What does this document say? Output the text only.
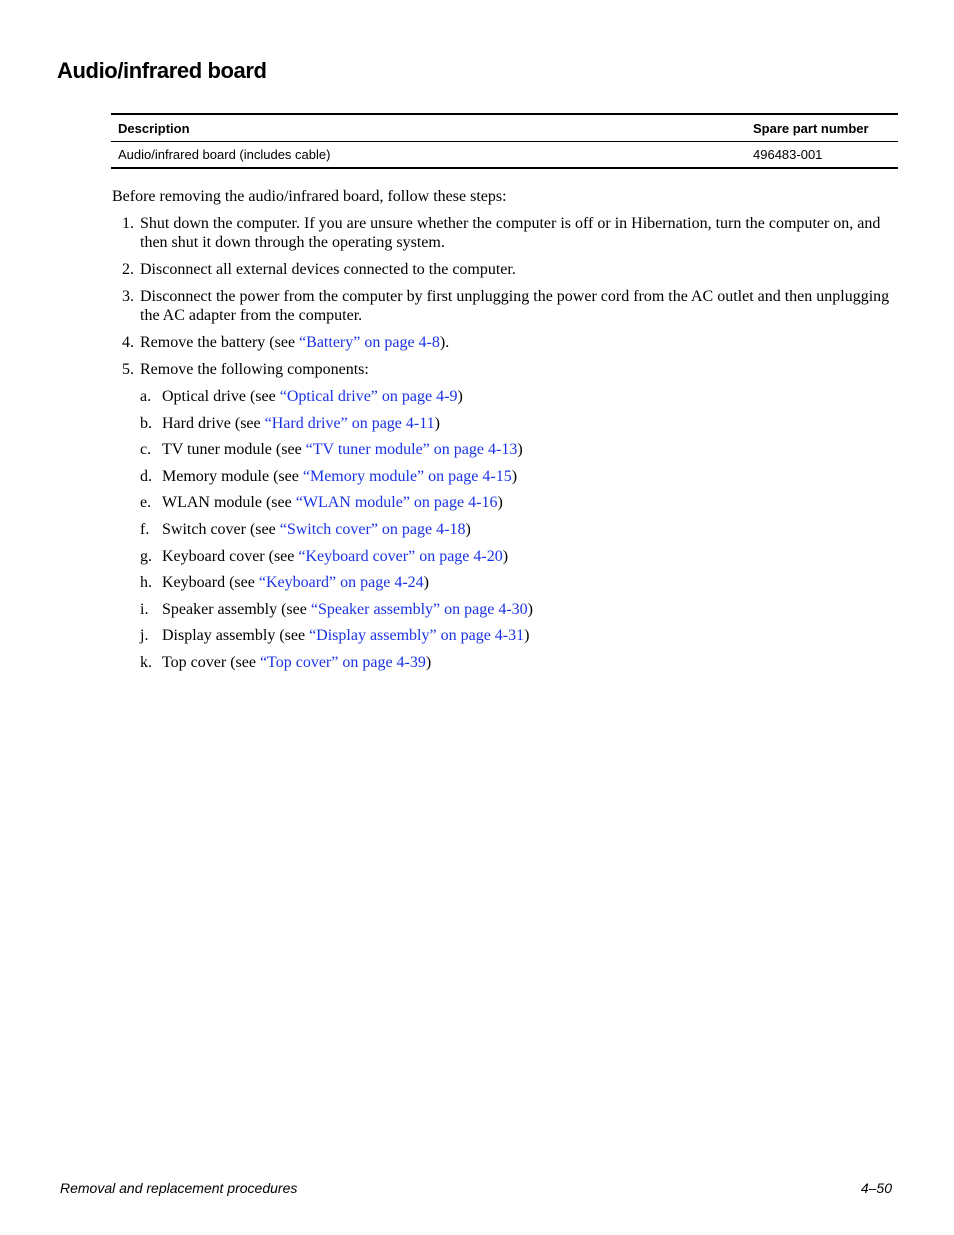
Audio/infrared board
Description	Spare part number
Audio/infrared board (includes cable)	496483-001

Before removing the audio/infrared board, follow these steps:

1. Shut down the computer. If you are unsure whether the computer is off or in Hibernation, turn the computer on, and then shut it down through the operating system.
2. Disconnect all external devices connected to the computer.
3. Disconnect the power from the computer by first unplugging the power cord from the AC outlet and then unplugging the AC adapter from the computer.
4. Remove the battery (see “Battery” on page 4-8).
5. Remove the following components:
a. Optical drive (see “Optical drive” on page 4-9)
b. Hard drive (see “Hard drive” on page 4-11)
c. TV tuner module (see “TV tuner module” on page 4-13)
d. Memory module (see “Memory module” on page 4-15)
e. WLAN module (see “WLAN module” on page 4-16)
f. Switch cover (see “Switch cover” on page 4-18)
g. Keyboard cover (see “Keyboard cover” on page 4-20)
h. Keyboard (see “Keyboard” on page 4-24)
i. Speaker assembly (see “Speaker assembly” on page 4-30)
j. Display assembly (see “Display assembly” on page 4-31)
k. Top cover (see “Top cover” on page 4-39)
Removal and replacement procedures	4–50
